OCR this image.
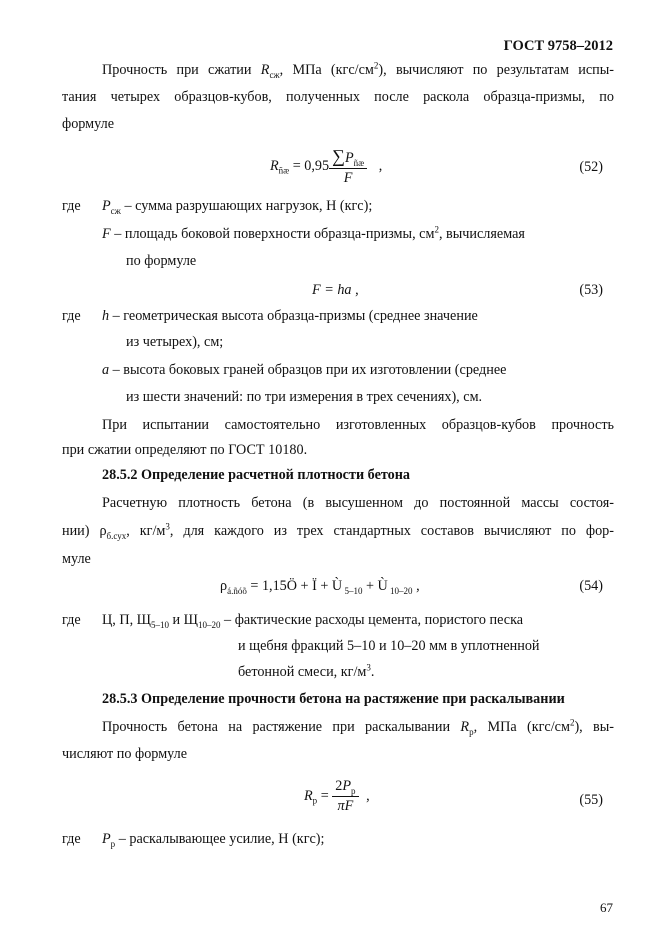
ГОСТ 9758–2012
Прочность при сжатии $R_{сж}$, МПа $(кгс/см^2)$, вычисляют по результатам испы-
тания четырех образцов-кубов, полученных после раскола образца-призмы, по
формуле
$R_{ñæ} = 0,95 \frac{\sum P_{ñæ}}{F}$ ,	(52)
где $P_{сж}$ – сумма разрушающих нагрузок, Н (кгс);
F – площадь боковой поверхности образца-призмы, $см^2$, вычисляемая
по формуле
F = ha ,	(53)
где h – геометрическая высота образца-призмы (среднее значение
из четырех), см;
a – высота боковых граней образцов при их изготовлении (среднее
из шести значений: по три измерения в трех сечениях), см.
При испытании самостоятельно изготовленных образцов-кубов прочность
при сжатии определяют по ГОСТ 10180.
28.5.2 Определение расчетной плотности бетона
Расчетную плотность бетона (в высушенном до постоянной массы состоя-
нии) $\rho_{б.сух}$, $кг/м^3$, для каждого из трех стандартных составов вычисляют по фор-
муле
$\rho_{á.ñóõ}$ = 1,15Ö + Ï + Ù $_{5-10}$ + Ù $_{10-20}$ ,	(54)
где Ц, П, $Щ_{5-10}$ и $Щ_{10-20}$ – фактические расходы цемента, пористого песка
и щебня фракций 5–10 и 10–20 мм в уплотненной
бетонной смеси, $кг/м^3$.
28.5.3 Определение прочности бетона на растяжение при раскалывании
Прочность бетона на растяжение при раскалывании $R_р$, МПа $(кгс/см^2)$, вы-
числяют по формуле
$R_p = \frac{2P_p}{\pi F}$ ,	(55)
где $P_р$ – раскалывающее усилие, Н (кгс);
67
